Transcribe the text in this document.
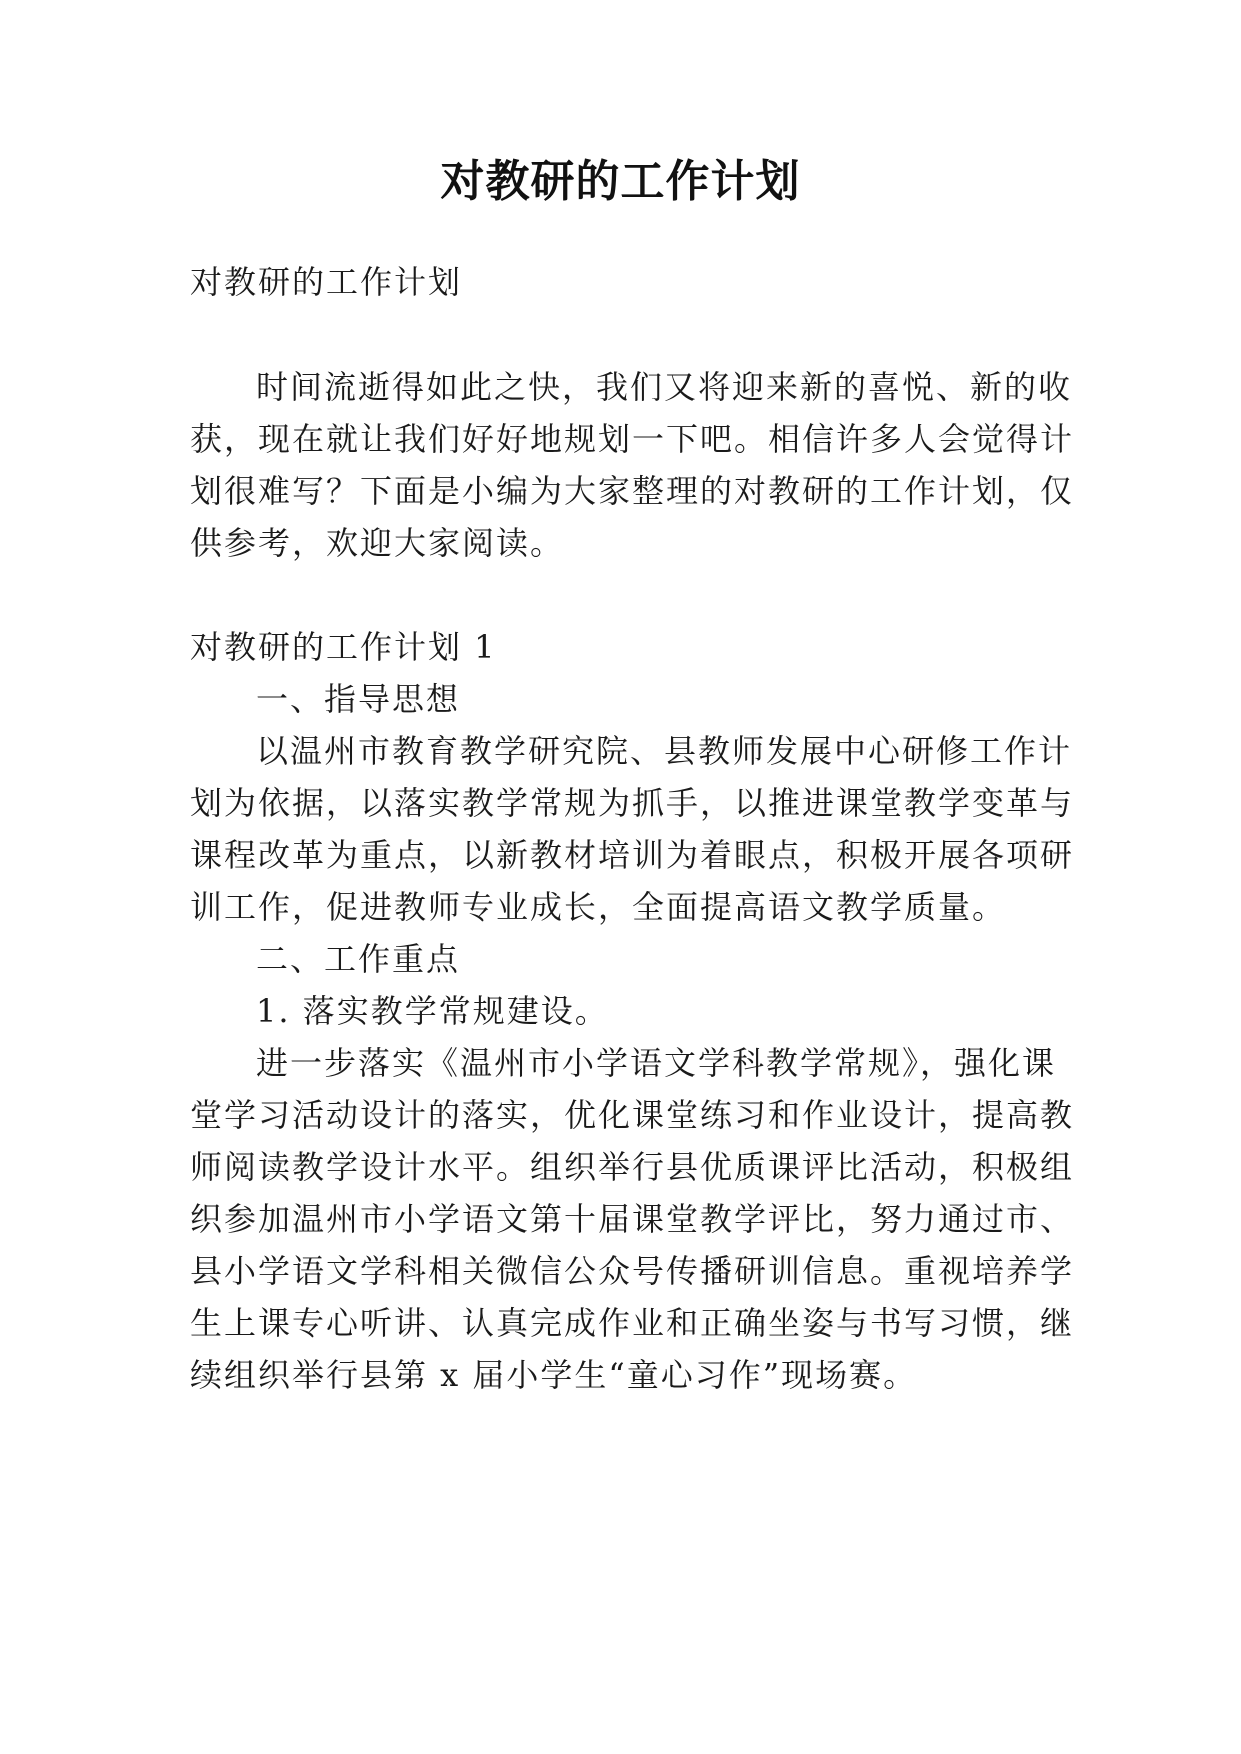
对教研的工作计划
对教研的工作计划
时间流逝得如此之快，我们又将迎来新的喜悦、新的收
获，现在就让我们好好地规划一下吧。相信许多人会觉得计
划很难写？下面是小编为大家整理的对教研的工作计划，仅
供参考，欢迎大家阅读。
对教研的工作计划 1
一、指导思想
以温州市教育教学研究院、县教师发展中心研修工作计
划为依据，以落实教学常规为抓手，以推进课堂教学变革与
课程改革为重点，以新教材培训为着眼点，积极开展各项研
训工作，促进教师专业成长，全面提高语文教学质量。
二、工作重点
1. 落实教学常规建设。
进一步落实《温州市小学语文学科教学常规》，强化课
堂学习活动设计的落实，优化课堂练习和作业设计，提高教
师阅读教学设计水平。组织举行县优质课评比活动，积极组
织参加温州市小学语文第十届课堂教学评比，努力通过市、
县小学语文学科相关微信公众号传播研训信息。重视培养学
生上课专心听讲、认真完成作业和正确坐姿与书写习惯，继
续组织举行县第 x 届小学生“童心习作”现场赛。
